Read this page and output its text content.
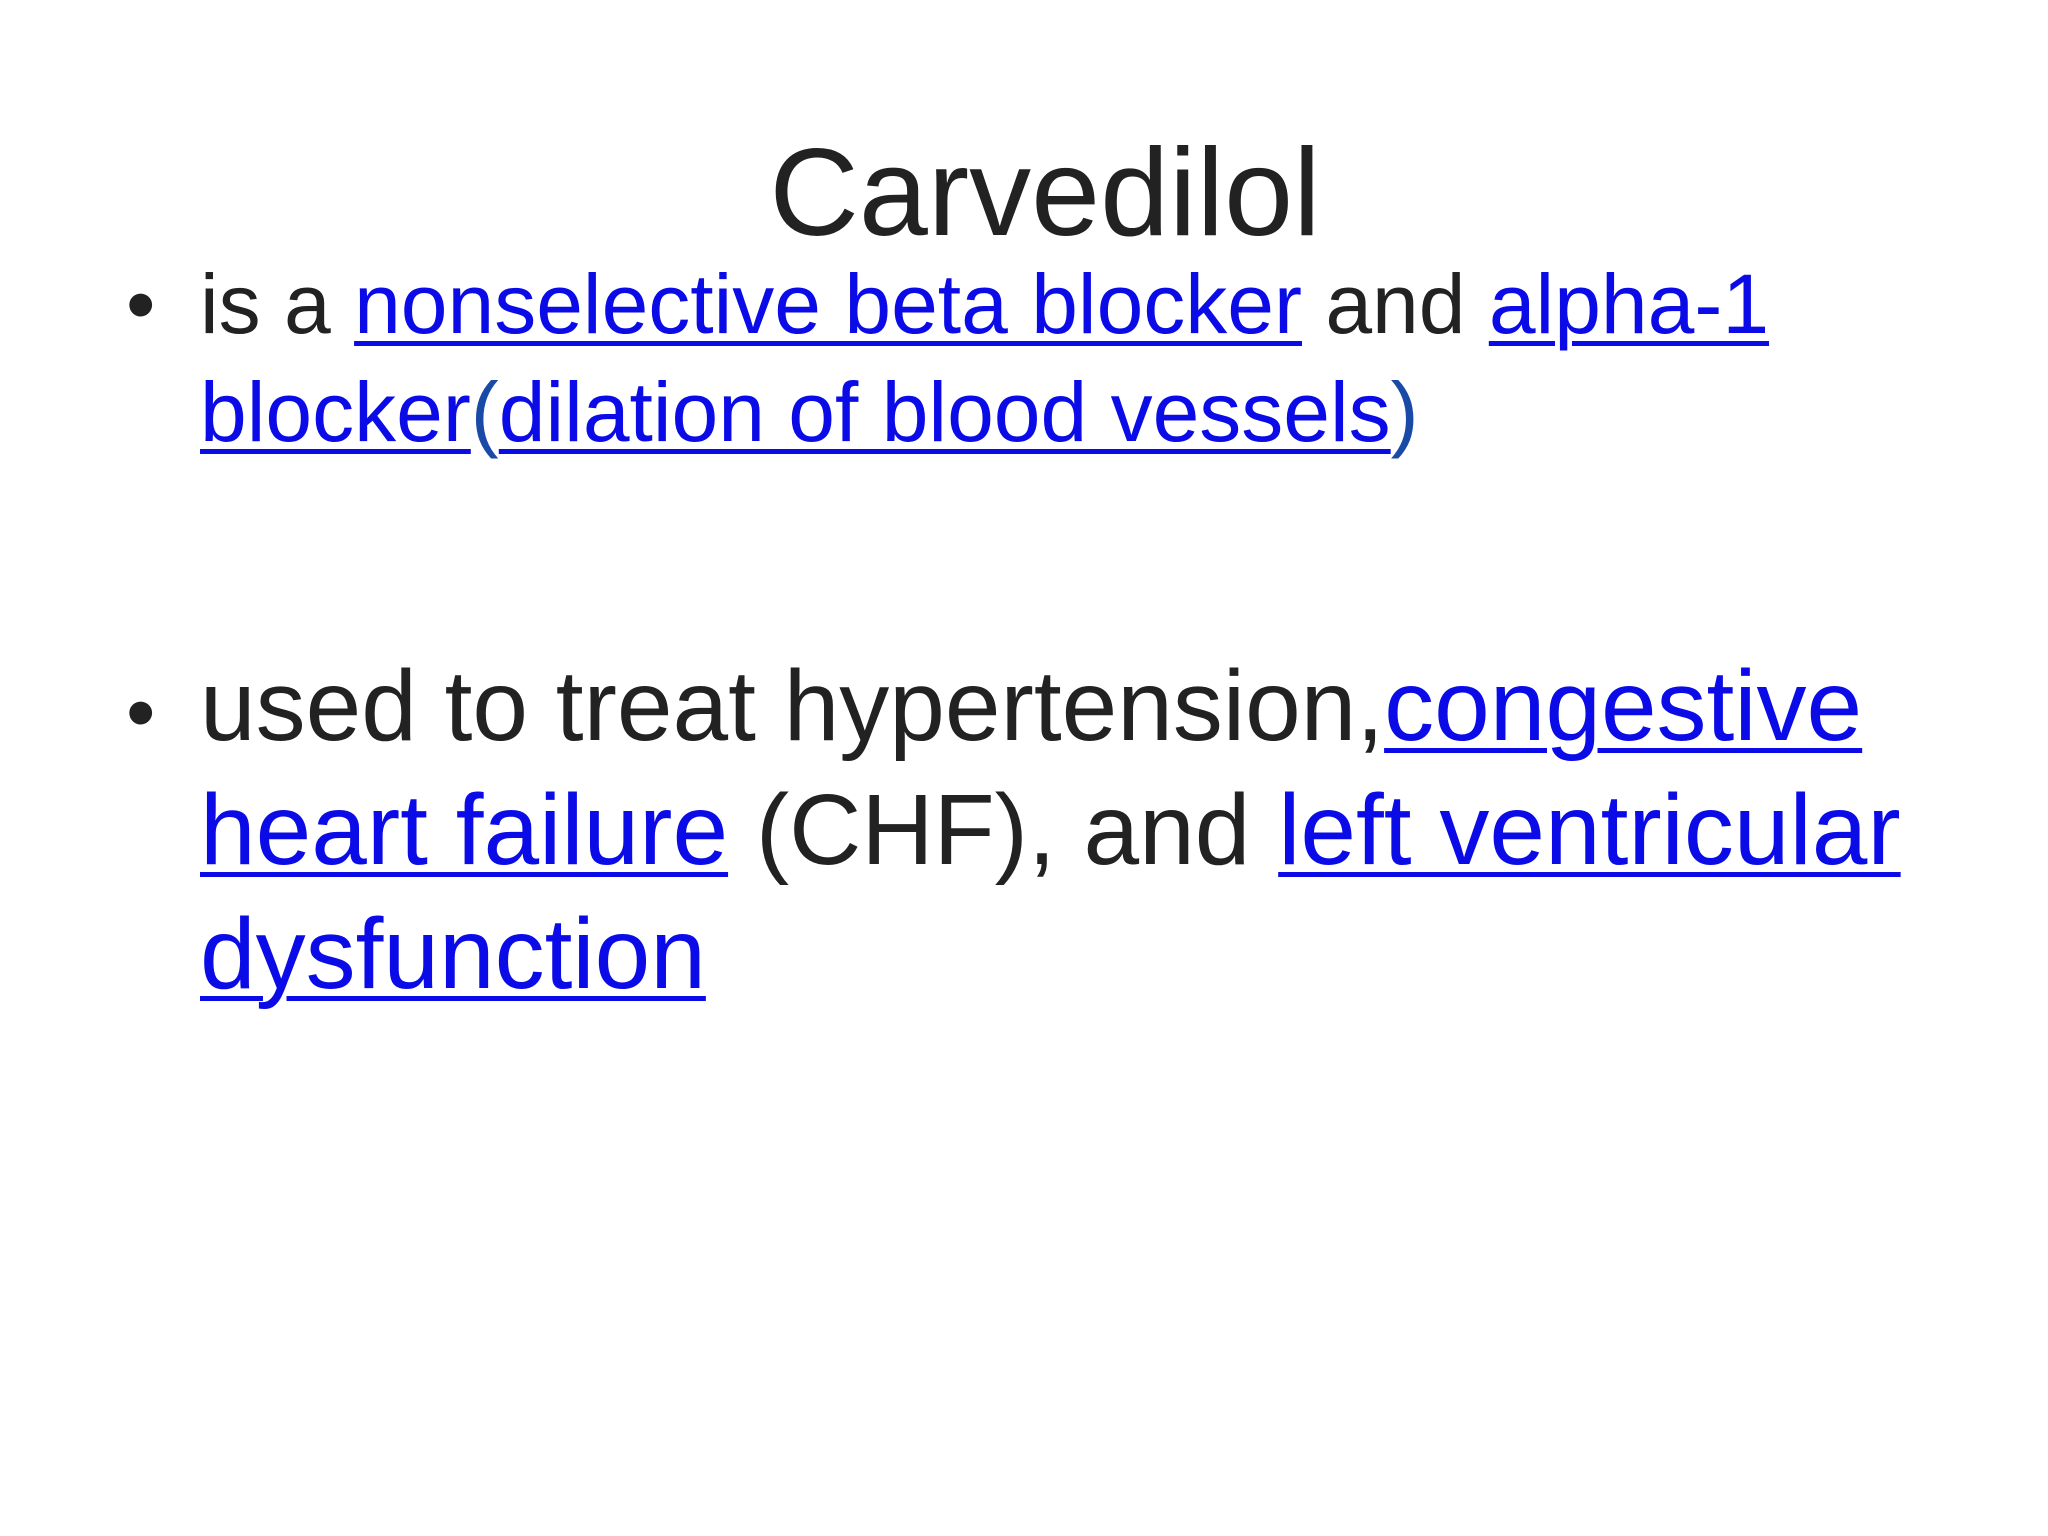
Carvedilol
• is a nonselective beta blocker and alpha-1 blocker(dilation of blood vessels)
• used to treat hypertension,congestive heart failure (CHF), and left ventricular dysfunction
